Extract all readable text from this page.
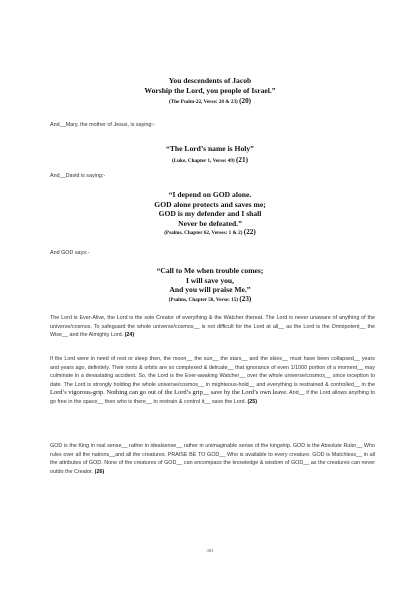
You descendents of Jacob
Worship the Lord, you people of Israel.”
(The Psalm-22, Verse: 28 & 23) (20)
And__Mary, the mother of Jesus, is saying:-
“The Lord’s name is Holy”
(Luke, Chapter 1, Verse: 49) (21)
And__David is saying:-
“I depend on GOD alone.
GOD alone protects and saves me;
GOD is my defender and I shall
Never be defeated.”
(Psalms, Chapter 62, Verses: 1 & 2) (22)
And GOD says:-
“Call to Me when trouble comes;
I will save you,
And you will praise Me.”
(Psalms, Chapter 50, Verse: 15) (23)
The Lord is Ever-Alive, the Lord is the sole Creator of everything & the Watcher thereat. The Lord is never unaware of anything of the universe/cosmos. To safeguard the whole universe/cosmos__ is not difficult for the Lord at all__ as the Lord is the Omnipotent__ the Wise__ and the Almighty Lord. (24)
If the Lord were in need of rest or sleep then, the moon__ the sun__ the stars__ and the skies__ must have been collapsed__ years and years ago, definitely. Their roots & orbits are so complexed & delicate__ that ignorance of even 1/1000 portion of a moment__ may culminate in a devastating accident. So, the Lord is the Ever-awaking Watcher__ over the whole universe/cosmos__ since inception to date. The Lord is strongly holding the whole universe/cosmos__ in mighteous-hold__ and everything is restrained & controlled__ in the Lord’s vigorous-grip. Nothing can go out of the Lord’s grip__ save by the Lord’s own leave. And__ if the Lord allows anything to go free in the space__ then who is there__ to restrain & control it__ save the Lord. (25)
GOD is the King in real sense__ rather in idealsense__ rather in unimaginable sense of the kingship. GOD is the Absolute Ruler__ Who rules over all the nations__and all the creatures. PRAISE BE TO GOD__ Who is available to every creature. GOD is Matchless__ in all the attributes of GOD. None of the creatures of GOD__ can encompass the knowledge & wisdom of GOD__ as the creatures can never outdo the Creator. (26)
303
